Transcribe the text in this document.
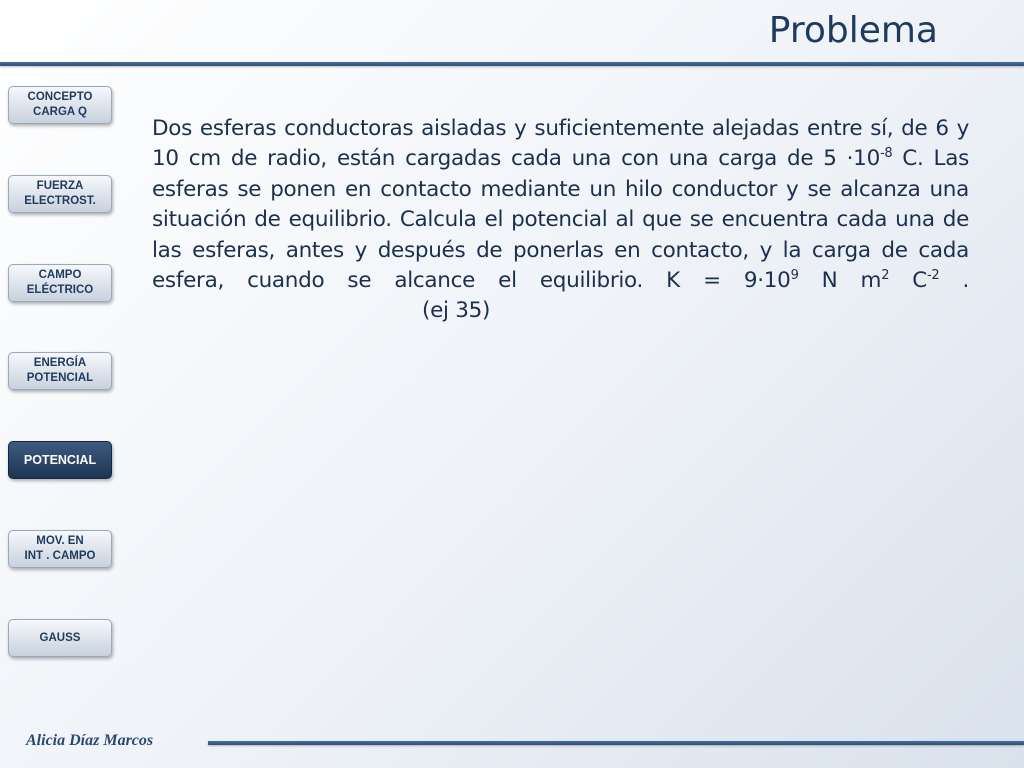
Problema
CONCEPTO
CARGA Q
FUERZA
ELECTROST.
CAMPO
ELÉCTRICO
ENERGÍA
POTENCIAL
POTENCIAL
MOV. EN
INT . CAMPO
GAUSS

Dos esferas conductoras aisladas y suficientemente alejadas entre sí, de 6 y 10 cm de radio, están cargadas cada una con una carga de $5 \cdot 10^{-8}$ C. Las esferas se ponen en contacto mediante un hilo conductor y se alcanza una situación de equilibrio. Calcula el potencial al que se encuentra cada una de las esferas, antes y después de ponerlas en contacto, y la carga de cada esfera, cuando se alcance el equilibrio. $K = 9\cdot 10^9$ N $m^2$ $C^{-2}$ .(ej 35)

Alicia Díaz Marcos
